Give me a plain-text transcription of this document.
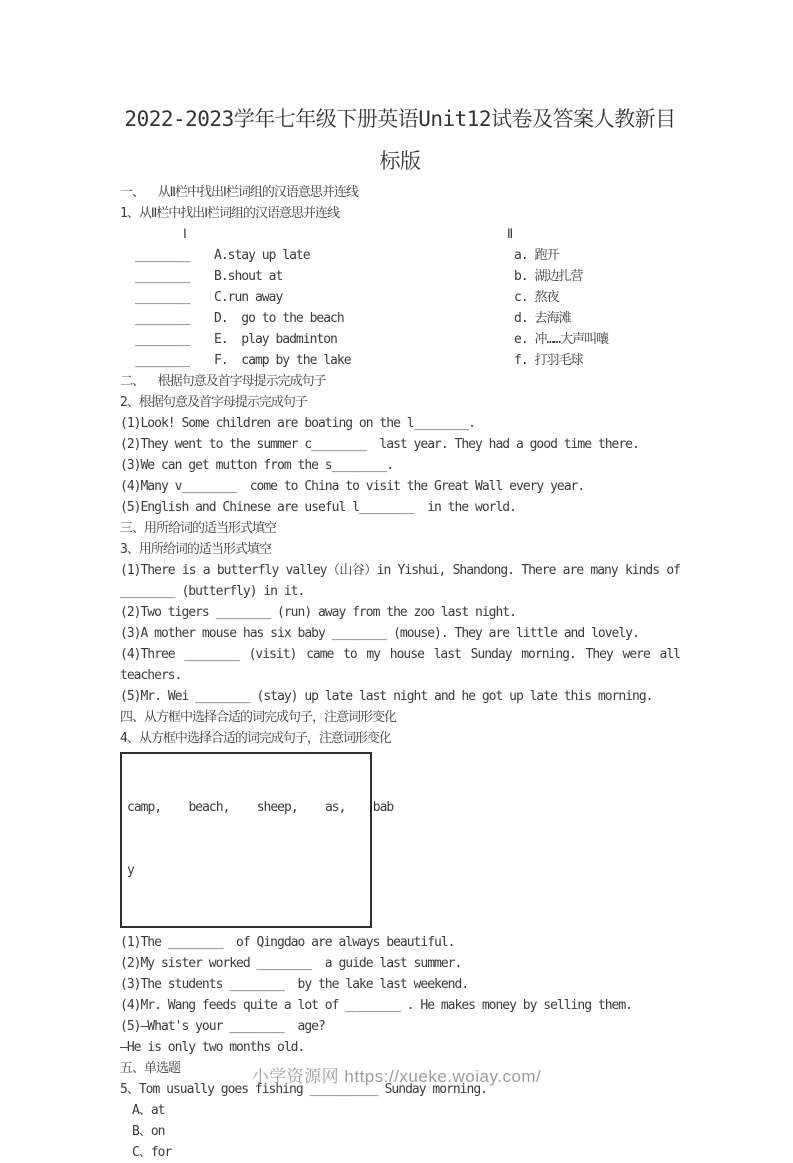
2022-2023学年七年级下册英语Unit12试卷及答案人教新目
标版

一、  从Ⅱ栏中找出Ⅰ栏词组的汉语意思并连线

1、从Ⅱ栏中找出Ⅰ栏词组的汉语意思并连线

Ⅰ	Ⅱ
________	A.stay up late	a. 跑开
________	B.shout at	b. 湖边扎营
________	C.run away	c. 熬夜
________	D.  go to the beach	d. 去海滩
________	E.  play badminton	e. 冲……大声叫嚷
________	F.  camp by the lake	f. 打羽毛球

二、  根据句意及首字母提示完成句子

2、根据句意及首字母提示完成句子

(1)Look! Some children are boating on the l________.

(2)They went to the summer c________  last year. They had a good time there.

(3)We can get mutton from the s________.

(4)Many v________  come to China to visit the Great Wall every year.

(5)English and Chinese are useful l________  in the world.

三、用所给词的适当形式填空

3、用所给词的适当形式填空

(1)There is a butterfly valley（山谷）in Yishui, Shandong. There are many kinds of ________ (butterfly) in it.

(2)Two tigers ________ (run) away from the zoo last night.

(3)A mother mouse has six baby ________ (mouse). They are little and lovely.

(4)Three ________ (visit) came to my house last Sunday morning. They were all teachers.

(5)Mr. Wei ________ (stay) up late last night and he got up late this morning.

四、从方框中选择合适的词完成句子，注意词形变化

4、从方框中选择合适的词完成句子，注意词形变化

camp,    beach,    sheep,    as,    bab

y

(1)The ________  of Qingdao are always beautiful.

(2)My sister worked ________  a guide last summer.

(3)The students ________  by the lake last weekend.

(4)Mr. Wang feeds quite a lot of ________ . He makes money by selling them.

(5)—What's your ________  age?

—He is only two months old.

五、单选题

5、Tom usually goes fishing __________ Sunday morning.

A、at

B、on

C、for

小学资源网 https://xueke.woiay.com/
